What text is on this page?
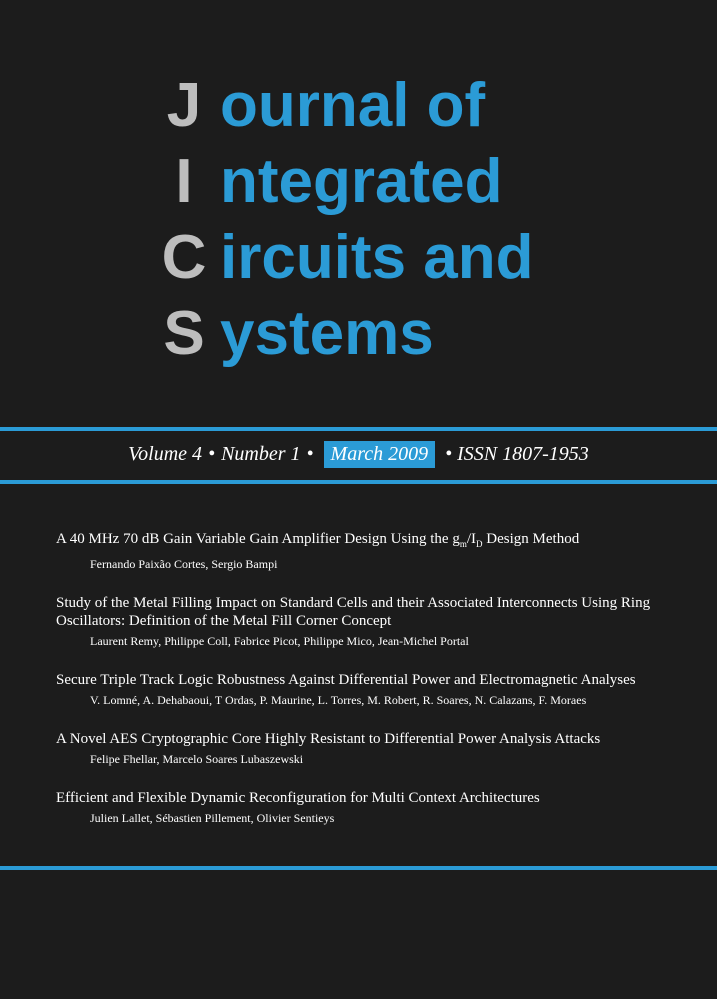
J ournal of
I ntegrated
C ircuits and
S ystems
Volume 4 • Number 1 • March 2009 • ISSN 1807-1953
A 40 MHz 70 dB Gain Variable Gain Amplifier Design Using the $g_m/I_D$ Design Method
Fernando Paixão Cortes, Sergio Bampi
Study of the Metal Filling Impact on Standard Cells and their Associated Interconnects Using Ring Oscillators: Definition of the Metal Fill Corner Concept
Laurent Remy, Philippe Coll, Fabrice Picot, Philippe Mico, Jean-Michel Portal
Secure Triple Track Logic Robustness Against Differential Power and Electromagnetic Analyses
V. Lomné, A. Dehabaoui, T Ordas, P. Maurine, L. Torres, M. Robert, R. Soares, N. Calazans, F. Moraes
A Novel AES Cryptographic Core Highly Resistant to Differential Power Analysis Attacks
Felipe Fhellar, Marcelo Soares Lubaszewski
Efficient and Flexible Dynamic Reconfiguration for Multi Context Architectures
Julien Lallet, Sébastien Pillement, Olivier Sentieys
